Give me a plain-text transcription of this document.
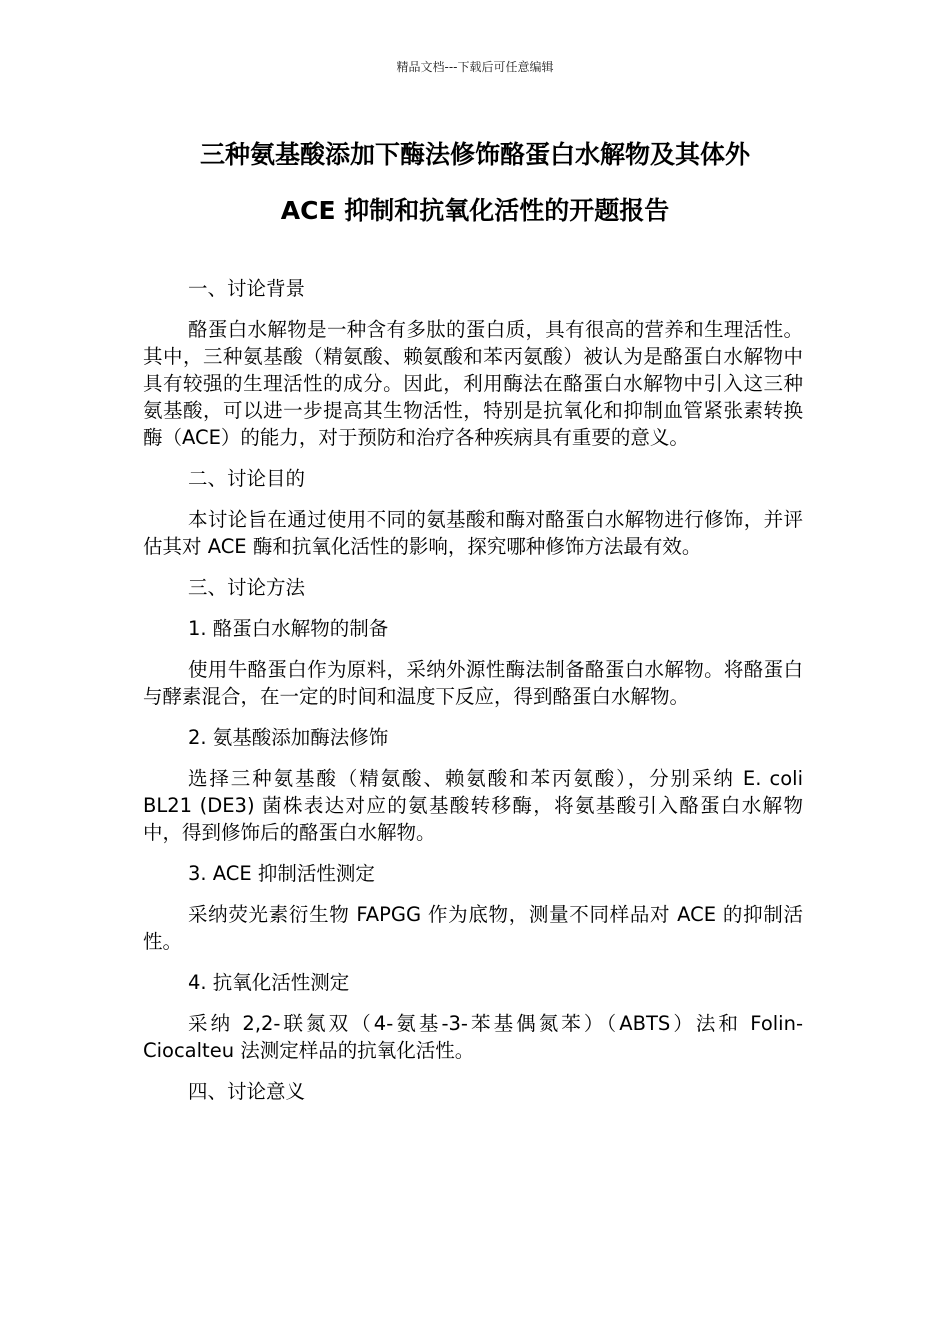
精品文档---下载后可任意编辑
三种氨基酸添加下酶法修饰酪蛋白水解物及其体外
ACE 抑制和抗氧化活性的开题报告

一、讨论背景

酪蛋白水解物是一种含有多肽的蛋白质，具有很高的营养和生理活性。其中，三种氨基酸（精氨酸、赖氨酸和苯丙氨酸）被认为是酪蛋白水解物中具有较强的生理活性的成分。因此，利用酶法在酪蛋白水解物中引入这三种氨基酸，可以进一步提高其生物活性，特别是抗氧化和抑制血管紧张素转换酶（ACE）的能力，对于预防和治疗各种疾病具有重要的意义。

二、讨论目的

本讨论旨在通过使用不同的氨基酸和酶对酪蛋白水解物进行修饰，并评估其对 ACE 酶和抗氧化活性的影响，探究哪种修饰方法最有效。

三、讨论方法

1. 酪蛋白水解物的制备

使用牛酪蛋白作为原料，采纳外源性酶法制备酪蛋白水解物。将酪蛋白与酵素混合，在一定的时间和温度下反应，得到酪蛋白水解物。

2. 氨基酸添加酶法修饰

选择三种氨基酸（精氨酸、赖氨酸和苯丙氨酸），分别采纳 E. coli BL21 (DE3) 菌株表达对应的氨基酸转移酶，将氨基酸引入酪蛋白水解物中，得到修饰后的酪蛋白水解物。

3. ACE 抑制活性测定

采纳荧光素衍生物 FAPGG 作为底物，测量不同样品对 ACE 的抑制活性。

4. 抗氧化活性测定

采纳 2,2-联氮双（4-氨基-3-苯基偶氮苯）（ABTS）法和 Folin-Ciocalteu 法测定样品的抗氧化活性。

四、讨论意义
